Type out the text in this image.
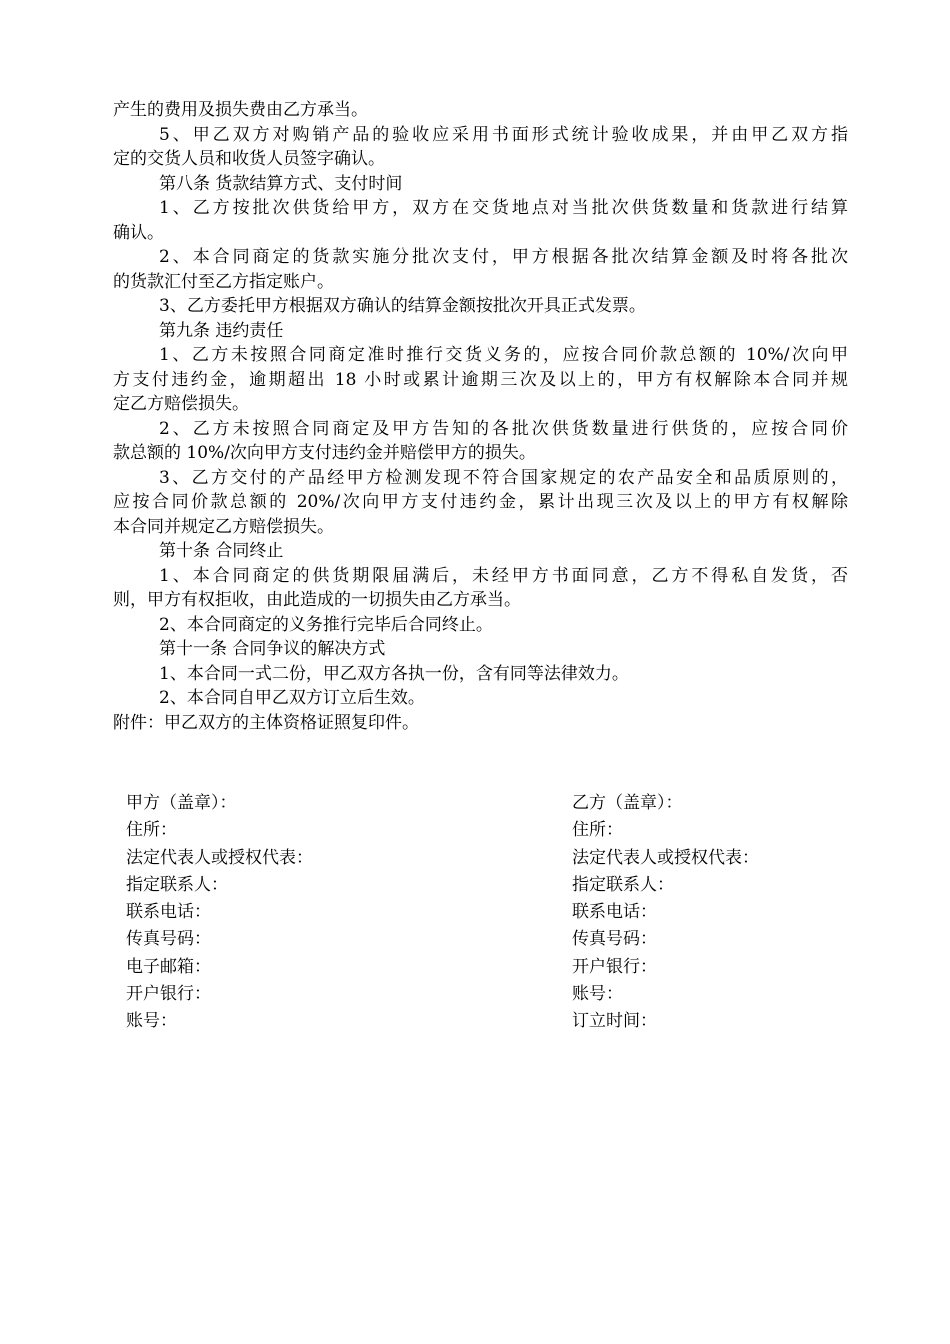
产生的费用及损失费由乙方承当。
5、甲乙双方对购销产品的验收应采用书面形式统计验收成果，并由甲乙双方指
定的交货人员和收货人员签字确认。
第八条 货款结算方式、支付时间
1、乙方按批次供货给甲方，双方在交货地点对当批次供货数量和货款进行结算
确认。
2、本合同商定的货款实施分批次支付，甲方根据各批次结算金额及时将各批次
的货款汇付至乙方指定账户。
3、乙方委托甲方根据双方确认的结算金额按批次开具正式发票。
第九条 违约责任
1、乙方未按照合同商定准时推行交货义务的，应按合同价款总额的 10%/次向甲
方支付违约金，逾期超出 18 小时或累计逾期三次及以上的，甲方有权解除本合同并规
定乙方赔偿损失。
2、乙方未按照合同商定及甲方告知的各批次供货数量进行供货的，应按合同价
款总额的 10%/次向甲方支付违约金并赔偿甲方的损失。
3、乙方交付的产品经甲方检测发现不符合国家规定的农产品安全和品质原则的，
应按合同价款总额的 20%/次向甲方支付违约金，累计出现三次及以上的甲方有权解除
本合同并规定乙方赔偿损失。
第十条 合同终止
1、本合同商定的供货期限届满后，未经甲方书面同意，乙方不得私自发货，否
则，甲方有权拒收，由此造成的一切损失由乙方承当。
2、本合同商定的义务推行完毕后合同终止。
第十一条 合同争议的解决方式
1、本合同一式二份，甲乙双方各执一份，含有同等法律效力。
2、本合同自甲乙双方订立后生效。
附件：甲乙双方的主体资格证照复印件。
甲方（盖章）：
住所：
法定代表人或授权代表：
指定联系人：
联系电话：
传真号码：
电子邮箱：
开户银行：
账号：
乙方（盖章）：
住所：
法定代表人或授权代表：
指定联系人：
联系电话：
传真号码：
开户银行：
账号：
订立时间：
